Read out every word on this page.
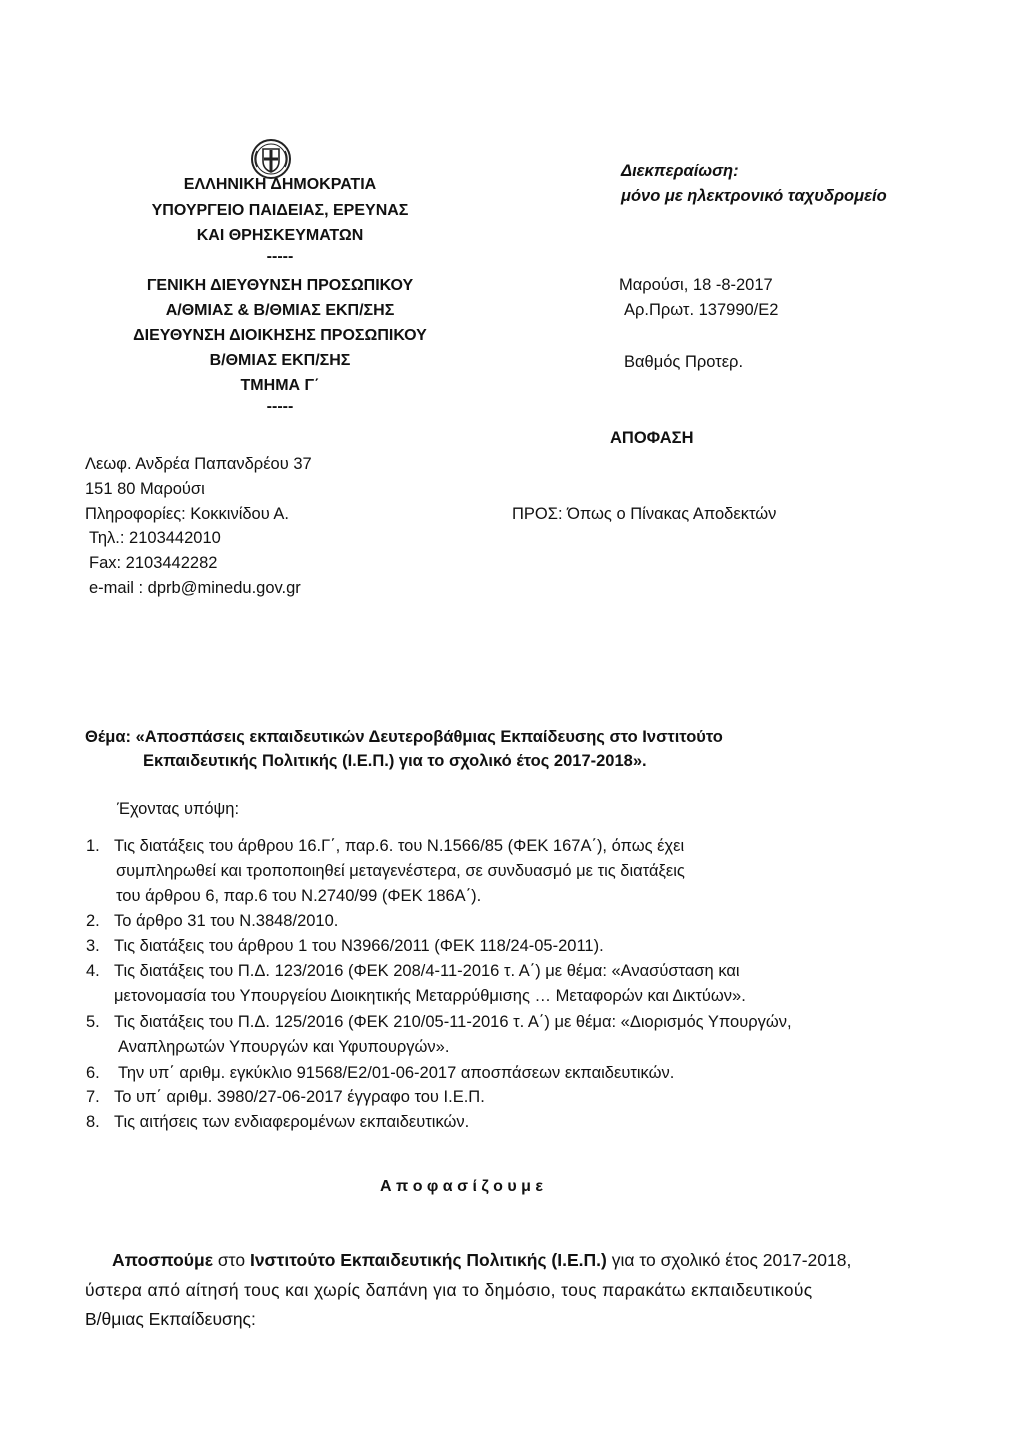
ΕΛΛΗΝΙΚΗ ΔΗΜΟΚΡΑΤΙΑ
ΥΠΟΥΡΓΕΙΟ ΠΑΙΔΕΙΑΣ, ΕΡΕΥΝΑΣ
ΚΑΙ ΘΡΗΣΚΕΥΜΑΤΩΝ
-----
ΓΕΝΙΚΗ ΔΙΕΥΘΥΝΣΗ ΠΡΟΣΩΠΙΚΟΥ
Α/ΘΜΙΑΣ & Β/ΘΜΙΑΣ ΕΚΠ/ΣΗΣ
ΔΙΕΥΘΥΝΣΗ ΔΙΟΙΚΗΣΗΣ ΠΡΟΣΩΠΙΚΟΥ
Β/ΘΜΙΑΣ ΕΚΠ/ΣΗΣ
ΤΜΗΜΑ Γ΄
-----
Διεκπεραίωση:
μόνο με ηλεκτρονικό ταχυδρομείο
Μαρούσι, 18 -8-2017
Αρ.Πρωτ. 137990/Ε2
Βαθμός Προτερ.
ΑΠΟΦΑΣΗ
ΠΡΟΣ: Όπως ο Πίνακας Αποδεκτών
Λεωφ. Ανδρέα Παπανδρέου 37
151 80 Μαρούσι
Πληροφορίες: Κοκκινίδου Α.
Τηλ.: 2103442010
Fax: 2103442282
e-mail : dprb@minedu.gov.gr
Θέμα: «Αποσπάσεις εκπαιδευτικών Δευτεροβάθμιας Εκπαίδευσης στο Ινστιτούτο
Εκπαιδευτικής Πολιτικής (Ι.Ε.Π.) για το σχολικό έτος 2017-2018».
Έχοντας υπόψη:
1. Τις διατάξεις του άρθρου 16.Γ΄, παρ.6. του Ν.1566/85 (ΦΕΚ 167Α΄), όπως έχει
συμπληρωθεί και τροποποιηθεί μεταγενέστερα, σε συνδυασμό με τις διατάξεις
του άρθρου 6, παρ.6 του Ν.2740/99 (ΦΕΚ 186Α΄).
2. Το άρθρο 31 του Ν.3848/2010.
3. Τις διατάξεις του άρθρου 1 του Ν3966/2011 (ΦΕΚ 118/24-05-2011).
4. Τις διατάξεις του Π.Δ. 123/2016 (ΦΕΚ 208/4-11-2016 τ. Α΄) με θέμα: «Ανασύσταση και
μετονομασία του Υπουργείου Διοικητικής Μεταρρύθμισης … Μεταφορών και Δικτύων».
5. Τις διατάξεις του Π.Δ. 125/2016 (ΦΕΚ 210/05-11-2016 τ. Α΄) με θέμα: «Διορισμός Υπουργών,
Αναπληρωτών Υπουργών και Υφυπουργών».
6.	Την υπ΄ αριθμ. εγκύκλιο 91568/Ε2/01-06-2017 αποσπάσεων εκπαιδευτικών.
7. Το υπ΄ αριθμ. 3980/27-06-2017 έγγραφο του Ι.Ε.Π.
8. Τις αιτήσεις των ενδιαφερομένων εκπαιδευτικών.
Α π ο φ α σ ί ζ ο υ μ ε
Αποσπούμε στο Ινστιτούτο Εκπαιδευτικής Πολιτικής (Ι.Ε.Π.) για το σχολικό έτος 2017-2018,
ύστερα από αίτησή τους και χωρίς δαπάνη για το δημόσιο, τους παρακάτω εκπαιδευτικούς
Β/θμιας Εκπαίδευσης:
